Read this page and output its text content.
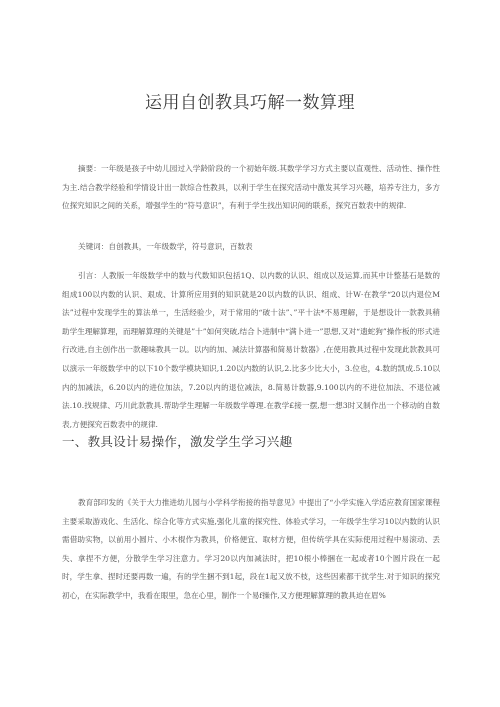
运用自创教具巧解一数算理

摘要：一年级是孩子中幼儿园过入学龄阶段的一个初始年级.其数学学习方式主要以直观性、活动性、操作性为主.结合教学经验和学情设计出一款综合性教具，以利于学生在探究活动中激发其学习兴趣，培养专注力，多方位探究知识之间的关系，增强学生的“符号意识”，有利于学生找出知识间的联系，探究百数表中的规律.

关键词：自创教具，一年级数学，符号意识，百数表

引言：人教版一年级数学中的数与代数知识包括1Q、以内数的认识、组成以及运算,而其中计整基石是数的组成100以内数的认识、艰成、计算所应用到的知识就是20以内数的认识、组成、计W·在教学“20以内退位M法”过程中发现学生的算法单一，生活经验少，对于常用的“破十法”、”平十法*不易理解，于是想设计一款教具稍助学生理解算理，而理解算理的关键是”十”如何突破,结合卜进制中“满卜进一”思想,又对“遗蛇狗”操作板的形式进行改进,自主创作出一款趣味教具一以。以内的加、减法计算器和简易计数器》,在使用教具过程中发现此款教具可以演示一年级数学中的以下10个数学模块知识,1.20以内数的认识,2.比多少比大小，3.位也，4.数的凯成.5.10以内的加减法，6.20以内的进位加法，7.20以内的退位减法，8.简易计数器,9.100以内的不进位加法、不退位减法.10.找规律、巧川此款教具.帮助学生理解一年级数学尊理.在教学£接一摆,想一想3时又制作出一个移动的自数表,方便探究百数表中的规律.

一、教具设计易操作，激发学生学习兴趣

教育部印发的《关于大力推进幼儿园与小学科学衔接的指导意见》中提出了“小学实施入学适应教育国家课程主要采取游戏化、生活化、综合化等方式实施,强化儿童的探究性、体验式学习，一年级学生学习10以内数的认识需借助实物，以前用小圆片、小木棍作为教具，价格便宜、取材方便，但传统学具在实际使用过程中易滚动、丢失、拿捏不方便，分散学生学习注意力。学习20以内加减法时，把10根小棒捆在一起或者10个圆片段在一起时，学生拿、捏时还要再数一遍，有的学生捆不到1起，段在1起又放不枝，这些因素都干扰学生.对于知识的探究初心，在实际教学中，我看在眼里，急在心里，制作一个易f操作,又方便理解算理的教具迫在眉%
